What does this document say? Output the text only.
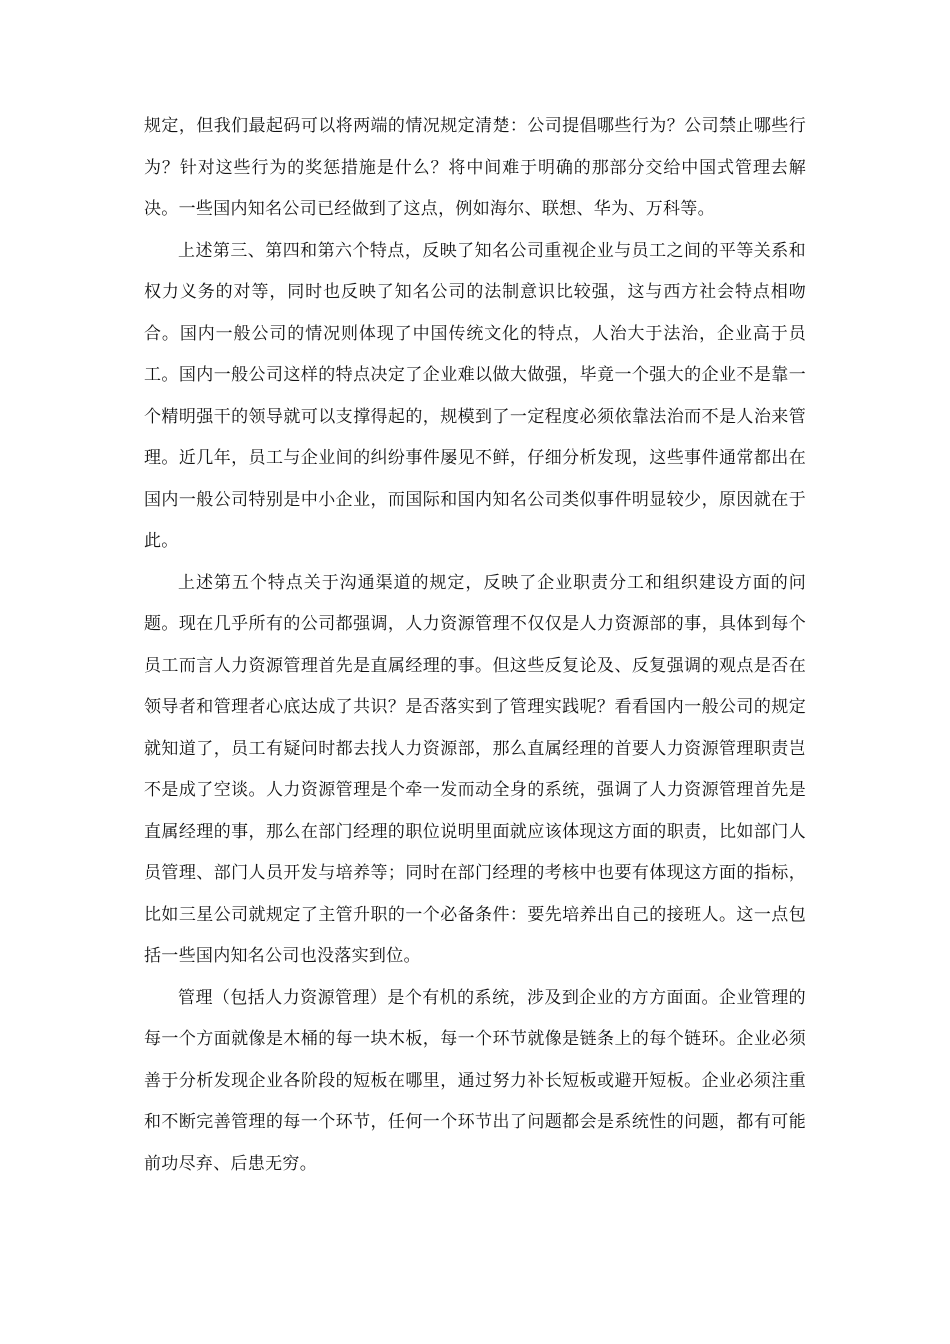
规定，但我们最起码可以将两端的情况规定清楚：公司提倡哪些行为？公司禁止哪些行为？针对这些行为的奖惩措施是什么？将中间难于明确的那部分交给中国式管理去解决。一些国内知名公司已经做到了这点，例如海尔、联想、华为、万科等。

上述第三、第四和第六个特点，反映了知名公司重视企业与员工之间的平等关系和权力义务的对等，同时也反映了知名公司的法制意识比较强，这与西方社会特点相吻合。国内一般公司的情况则体现了中国传统文化的特点，人治大于法治，企业高于员工。国内一般公司这样的特点决定了企业难以做大做强，毕竟一个强大的企业不是靠一个精明强干的领导就可以支撑得起的，规模到了一定程度必须依靠法治而不是人治来管理。近几年，员工与企业间的纠纷事件屡见不鲜，仔细分析发现，这些事件通常都出在国内一般公司特别是中小企业，而国际和国内知名公司类似事件明显较少，原因就在于此。

上述第五个特点关于沟通渠道的规定，反映了企业职责分工和组织建设方面的问题。现在几乎所有的公司都强调，人力资源管理不仅仅是人力资源部的事，具体到每个员工而言人力资源管理首先是直属经理的事。但这些反复论及、反复强调的观点是否在领导者和管理者心底达成了共识？是否落实到了管理实践呢？看看国内一般公司的规定就知道了，员工有疑问时都去找人力资源部，那么直属经理的首要人力资源管理职责岂不是成了空谈。人力资源管理是个牵一发而动全身的系统，强调了人力资源管理首先是直属经理的事，那么在部门经理的职位说明里面就应该体现这方面的职责，比如部门人员管理、部门人员开发与培养等；同时在部门经理的考核中也要有体现这方面的指标，比如三星公司就规定了主管升职的一个必备条件：要先培养出自己的接班人。这一点包括一些国内知名公司也没落实到位。

管理（包括人力资源管理）是个有机的系统，涉及到企业的方方面面。企业管理的每一个方面就像是木桶的每一块木板，每一个环节就像是链条上的每个链环。企业必须善于分析发现企业各阶段的短板在哪里，通过努力补长短板或避开短板。企业必须注重和不断完善管理的每一个环节，任何一个环节出了问题都会是系统性的问题，都有可能前功尽弃、后患无穷。
